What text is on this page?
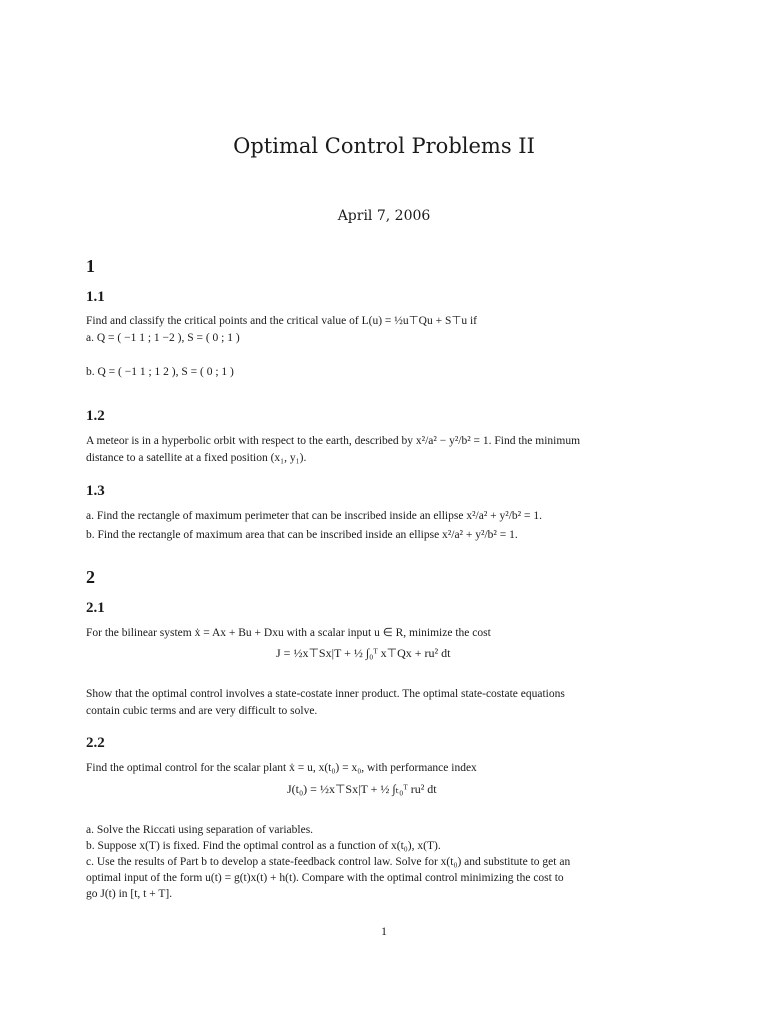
Optimal Control Problems II
April 7, 2006
1
1.1
Find and classify the critical points and the critical value of L(u) = ½u⊤Qu + S⊤u if
a. Q = ( −1 1 ; 1 −2 ), S = ( 0 ; 1 )
b. Q = ( −1 1 ; 1 2 ), S = ( 0 ; 1 )
1.2
A meteor is in a hyperbolic orbit with respect to the earth, described by x²/a² − y²/b² = 1. Find the minimum
distance to a satellite at a fixed position (x₁, y₁).
1.3
a. Find the rectangle of maximum perimeter that can be inscribed inside an ellipse x²/a² + y²/b² = 1.
b. Find the rectangle of maximum area that can be inscribed inside an ellipse x²/a² + y²/b² = 1.
2
2.1
For the bilinear system ẋ = Ax + Bu + Dxu with a scalar input u ∈ R, minimize the cost
J = ½x⊤Sx|T + ½ ∫₀ᵀ x⊤Qx + ru² dt
Show that the optimal control involves a state-costate inner product. The optimal state-costate equations
contain cubic terms and are very difficult to solve.
2.2
Find the optimal control for the scalar plant ẋ = u, x(t₀) = x₀, with performance index
J(t₀) = ½x⊤Sx|T + ½ ∫ₜ₀ᵀ ru² dt
a. Solve the Riccati using separation of variables.
b. Suppose x(T) is fixed. Find the optimal control as a function of x(t₀), x(T).
c. Use the results of Part b to develop a state-feedback control law. Solve for x(t₀) and substitute to get an
optimal input of the form u(t) = g(t)x(t) + h(t). Compare with the optimal control minimizing the cost to
go J(t) in [t, t + T].
1
